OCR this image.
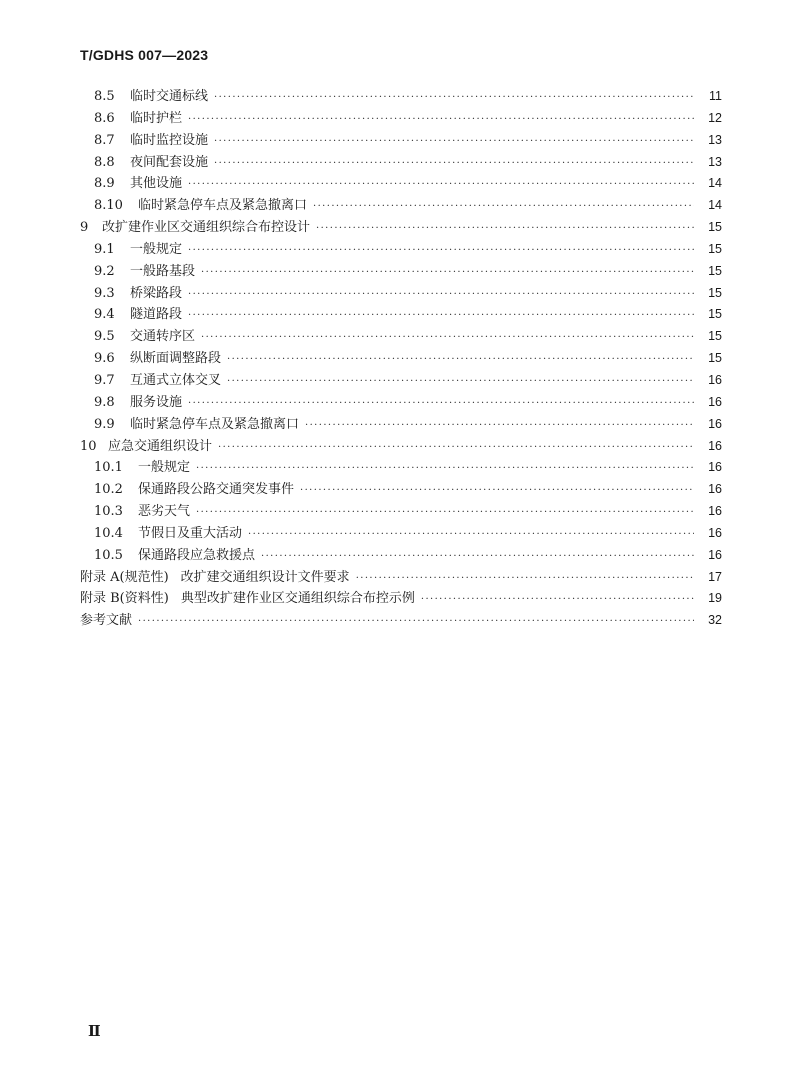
T/GDHS 007—2023
8.5	临时交通标线 ·····	11
8.6	临时护栏 ·····	12
8.7	临时监控设施 ·····	13
8.8	夜间配套设施 ·····	13
8.9	其他设施 ·····	14
8.10	临时紧急停车点及紧急撤离口 ·····	14
9	改扩建作业区交通组织综合布控设计 ·····	15
9.1	一般规定 ·····	15
9.2	一般路基段 ·····	15
9.3	桥梁路段 ·····	15
9.4	隧道路段 ·····	15
9.5	交通转序区 ·····	15
9.6	纵断面调整路段 ·····	15
9.7	互通式立体交叉 ·····	16
9.8	服务设施 ·····	16
9.9	临时紧急停车点及紧急撤离口 ·····	16
10 应急交通组织设计 ·····	16
10.1	一般规定 ·····	16
10.2	保通路段公路交通突发事件 ·····	16
10.3	恶劣天气 ·····	16
10.4	节假日及重大活动 ·····	16
10.5	保通路段应急救援点 ·····	16
附录 A(规范性) 改扩建交通组织设计文件要求 ·····	17
附录 B(资料性) 典型改扩建作业区交通组织综合布控示例 ·····	19
参考文献 ·····	32
Ⅱ
